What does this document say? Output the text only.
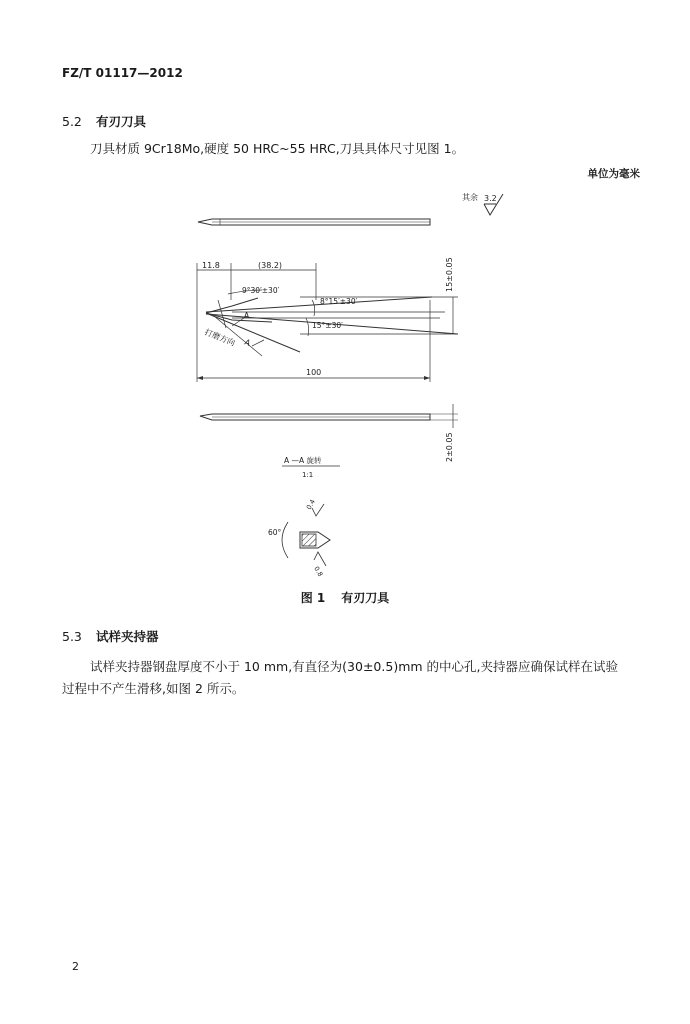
FZ/T 01117—2012
5.2 有刃刀具
刀具材质 9Cr18Mo,硬度 50 HRC~55 HRC,刀具具体尺寸见图 1。
单位为毫米
其余 3.2
11.8	(38.2)
9°30′±30′
8°15′±30′
15°±30′
A
打磨方向 A
15±0.05
100
2±0.05
A —A 旋转
1:1
60°
0.4
0.8
图 1 有刃刀具
5.3 试样夹持器
试样夹持器钢盘厚度不小于 10 mm,有直径为(30±0.5)mm 的中心孔,夹持器应确保试样在试验
过程中不产生滑移,如图 2 所示。
2
